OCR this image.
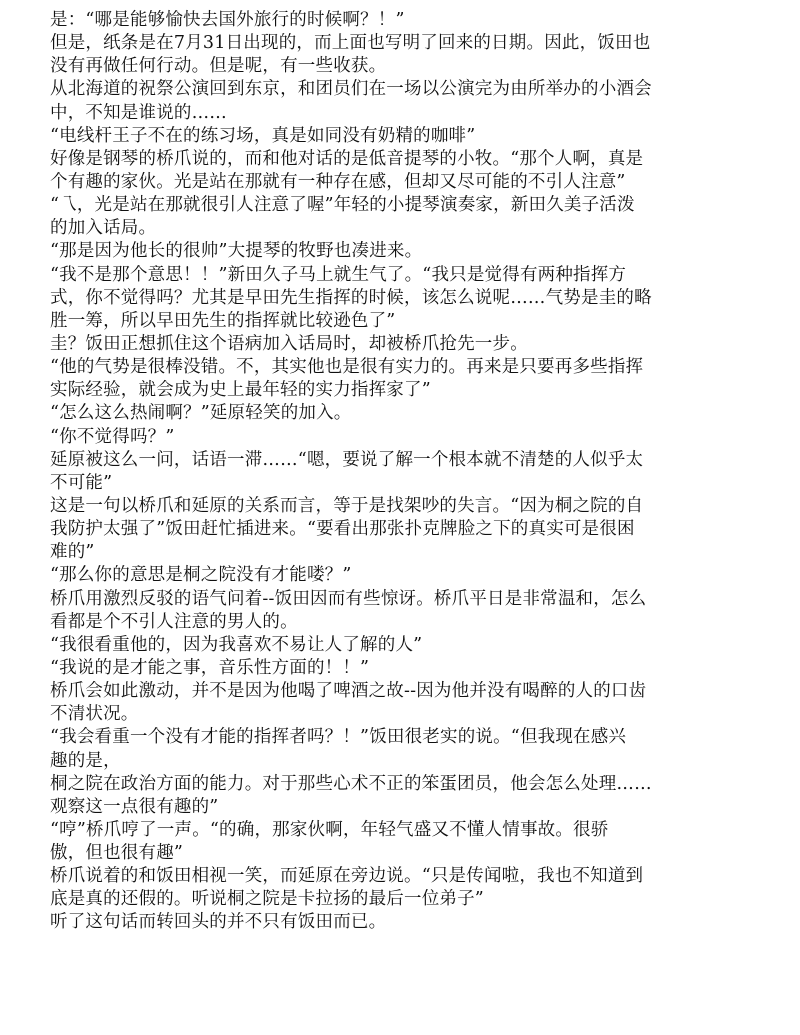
是：“哪是能够愉快去国外旅行的时候啊？！”
但是，纸条是在7月31日出现的，而上面也写明了回来的日期。因此，饭田也
没有再做任何行动。但是呢，有一些收获。
从北海道的祝祭公演回到东京，和团员们在一场以公演完为由所举办的小酒会
中，不知是谁说的……
“电线杆王子不在的练习场，真是如同没有奶精的咖啡”
好像是钢琴的桥爪说的，而和他对话的是低音提琴的小牧。“那个人啊，真是
个有趣的家伙。光是站在那就有一种存在感，但却又尽可能的不引人注意”
“乁，光是站在那就很引人注意了喔”年轻的小提琴演奏家，新田久美子活泼
的加入话局。
“那是因为他长的很帅”大提琴的牧野也凑进来。
“我不是那个意思！！”新田久子马上就生气了。“我只是觉得有两种指挥方
式，你不觉得吗？尤其是早田先生指挥的时候，该怎么说呢……气势是圭的略
胜一筹，所以早田先生的指挥就比较逊色了”
圭？饭田正想抓住这个语病加入话局时，却被桥爪抢先一步。
“他的气势是很棒没错。不，其实他也是很有实力的。再来是只要再多些指挥
实际经验，就会成为史上最年轻的实力指挥家了”
“怎么这么热闹啊？”延原轻笑的加入。
“你不觉得吗？”
延原被这么一问，话语一滞……“嗯，要说了解一个根本就不清楚的人似乎太
不可能”
这是一句以桥爪和延原的关系而言，等于是找架吵的失言。“因为桐之院的自
我防护太强了”饭田赶忙插进来。“要看出那张扑克牌脸之下的真实可是很困
难的”
“那么你的意思是桐之院没有才能喽？”
桥爪用激烈反驳的语气问着--饭田因而有些惊讶。桥爪平日是非常温和，怎么
看都是个不引人注意的男人的。
“我很看重他的，因为我喜欢不易让人了解的人”
“我说的是才能之事，音乐性方面的！！”
桥爪会如此激动，并不是因为他喝了啤酒之故--因为他并没有喝醉的人的口齿
不清状况。
“我会看重一个没有才能的指挥者吗？！”饭田很老实的说。“但我现在感兴
趣的是，
桐之院在政治方面的能力。对于那些心术不正的笨蛋团员，他会怎么处理……
观察这一点很有趣的”
“哼”桥爪哼了一声。“的确，那家伙啊，年轻气盛又不懂人情事故。很骄
傲，但也很有趣”
桥爪说着的和饭田相视一笑，而延原在旁边说。“只是传闻啦，我也不知道到
底是真的还假的。听说桐之院是卡拉扬的最后一位弟子”
听了这句话而转回头的并不只有饭田而已。
